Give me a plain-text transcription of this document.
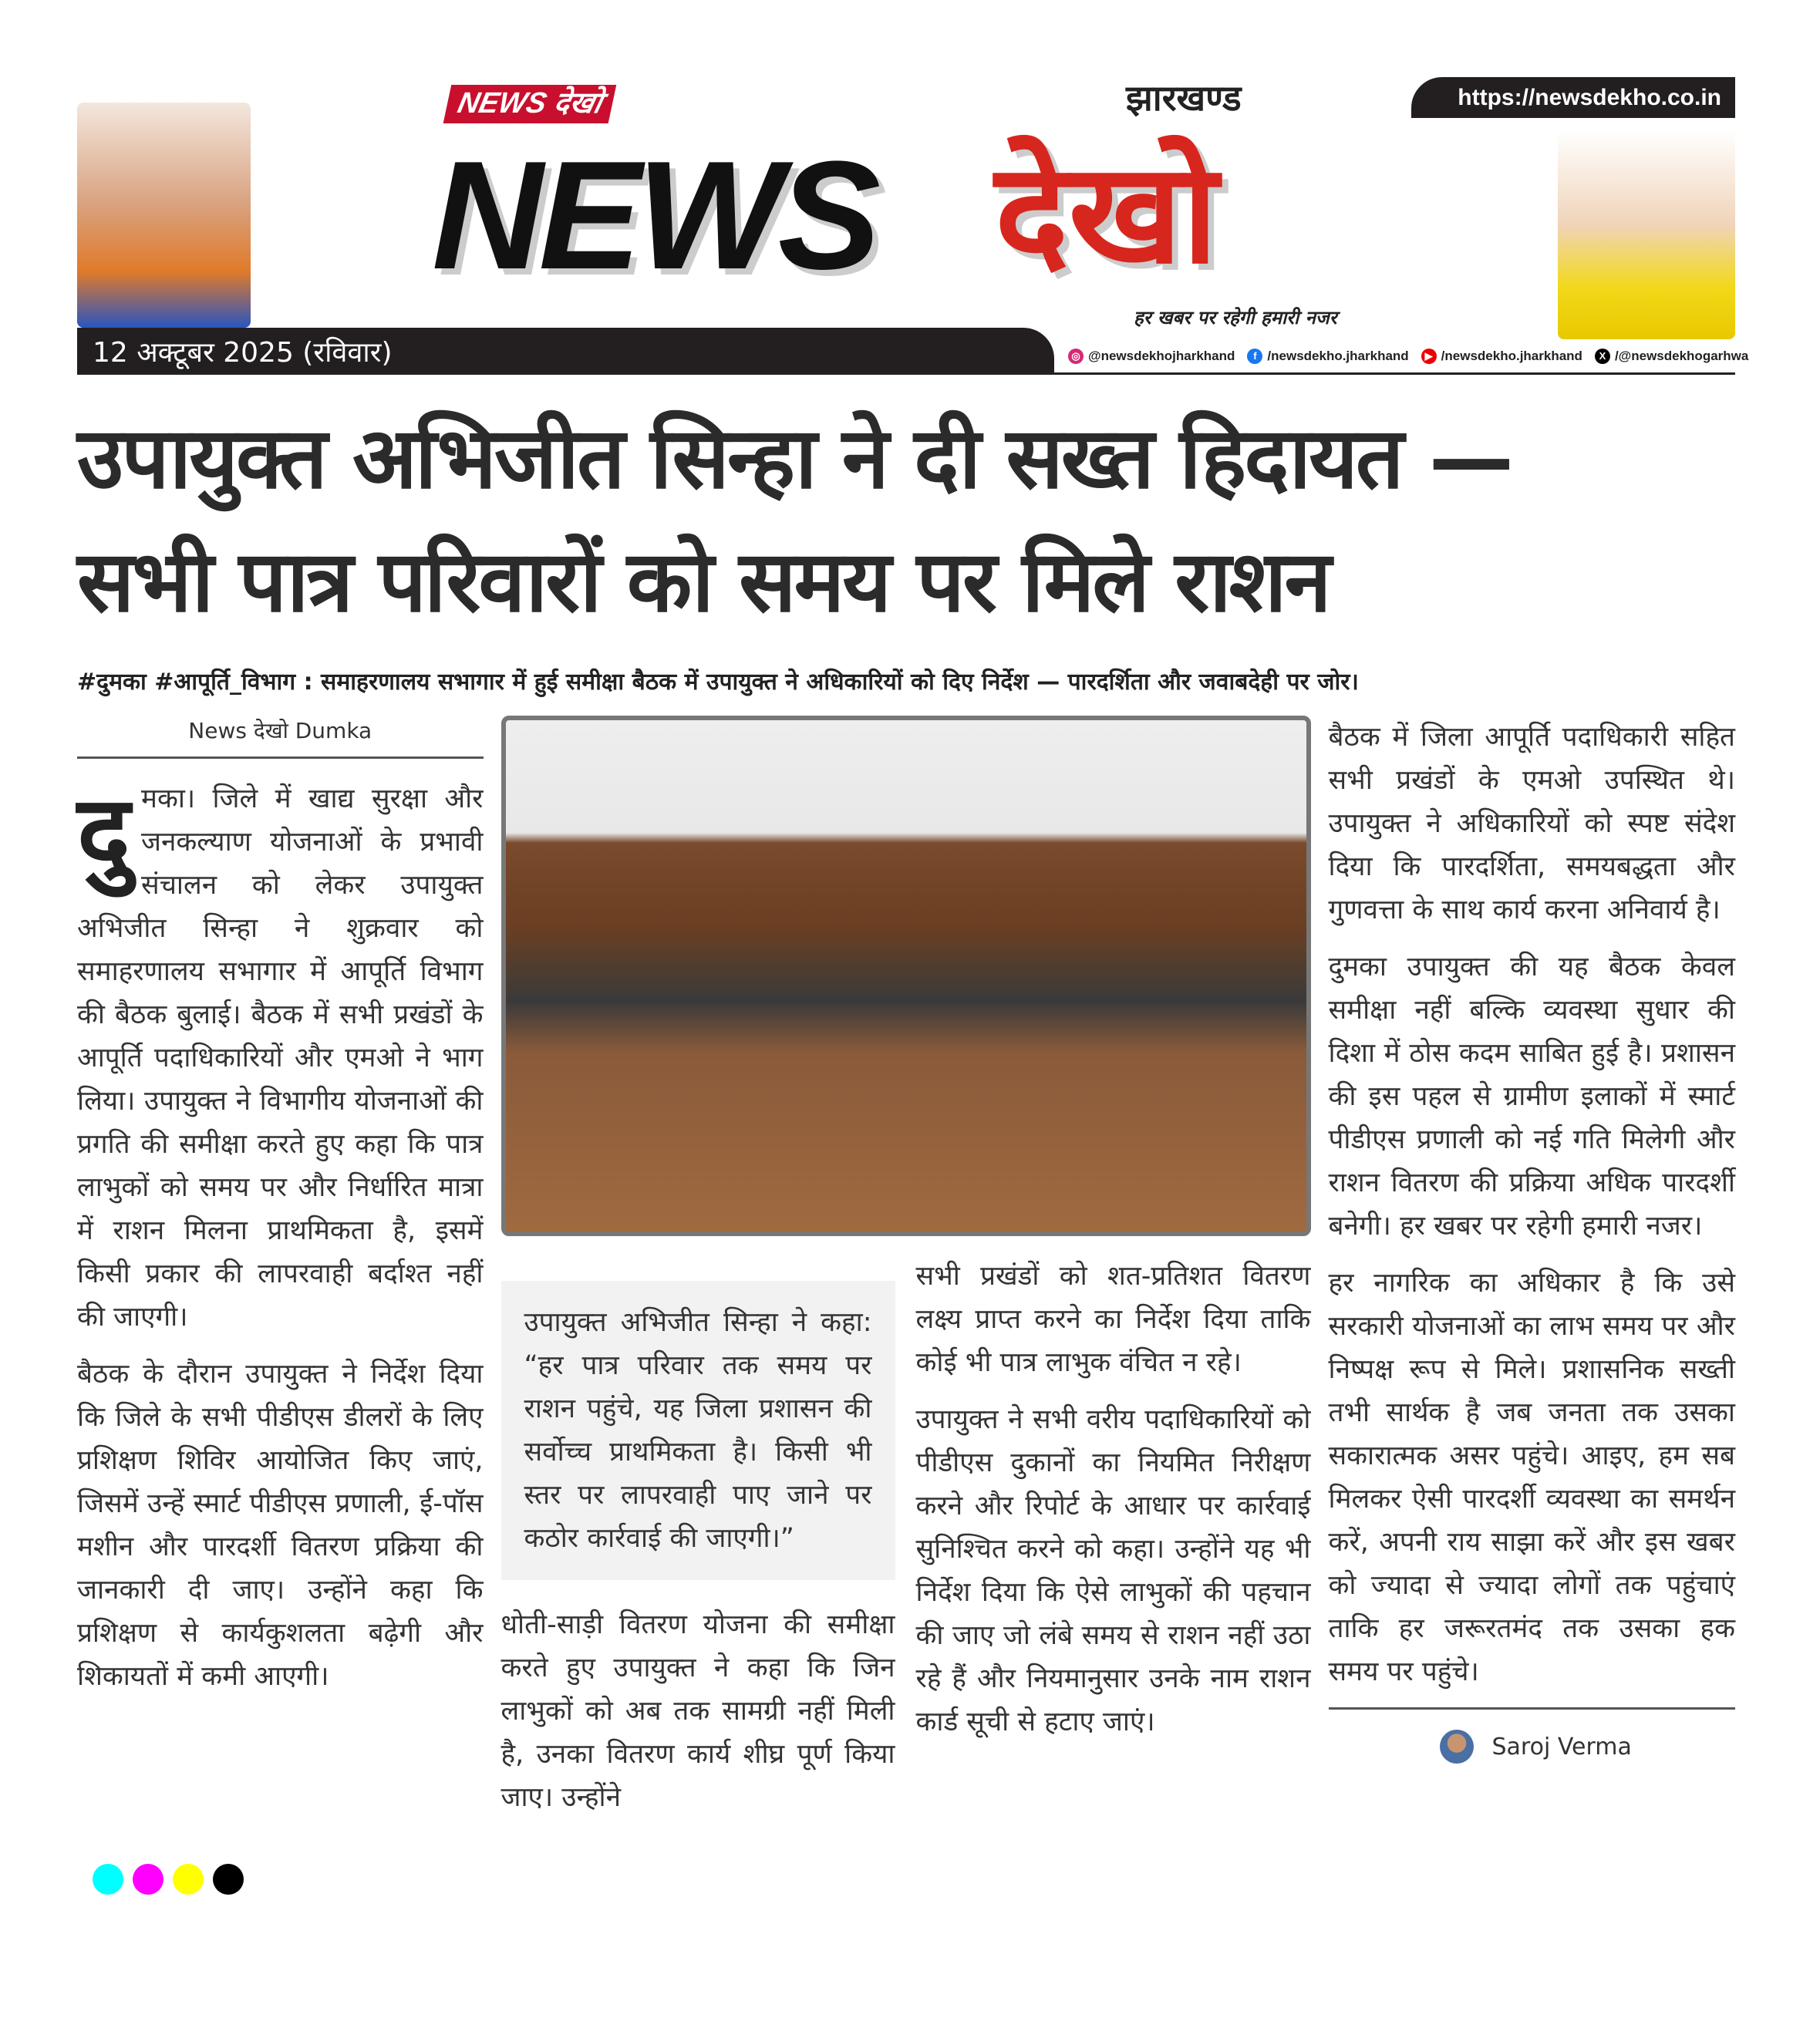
https://newsdekho.co.in
NEWS देखो
NEWS
झारखण्ड
देखो
हर खबर पर रहेगी हमारी नजर
12 अक्टूबर 2025 (रविवार)	◎ @newsdekhojharkhand	f /newsdekho.jharkhand	▶ /newsdekho.jharkhand	X /@newsdekhogarhwa
उपायुक्त अभिजीत सिन्हा ने दी सख्त हिदायत —
सभी पात्र परिवारों को समय पर मिले राशन
#दुमका #आपूर्ति_विभाग : समाहरणालय सभागार में हुई समीक्षा बैठक में उपायुक्त ने अधिकारियों को दिए निर्देश — पारदर्शिता और जवाबदेही पर जोर।
News देखो Dumka

दुमका। जिले में खाद्य सुरक्षा और जनकल्याण योजनाओं के प्रभावी संचालन को लेकर उपायुक्त अभिजीत सिन्हा ने शुक्रवार को समाहरणालय सभागार में आपूर्ति विभाग की बैठक बुलाई। बैठक में सभी प्रखंडों के आपूर्ति पदाधिकारियों और एमओ ने भाग लिया। उपायुक्त ने विभागीय योजनाओं की प्रगति की समीक्षा करते हुए कहा कि पात्र लाभुकों को समय पर और निर्धारित मात्रा में राशन मिलना प्राथमिकता है, इसमें किसी प्रकार की लापरवाही बर्दाश्त नहीं की जाएगी।

बैठक के दौरान उपायुक्त ने निर्देश दिया कि जिले के सभी पीडीएस डीलरों के लिए प्रशिक्षण शिविर आयोजित किए जाएं, जिसमें उन्हें स्मार्ट पीडीएस प्रणाली, ई-पॉस मशीन और पारदर्शी वितरण प्रक्रिया की जानकारी दी जाए। उन्होंने कहा कि प्रशिक्षण से कार्यकुशलता बढ़ेगी और शिकायतों में कमी आएगी।

उपायुक्त अभिजीत सिन्हा ने कहा: “हर पात्र परिवार तक समय पर राशन पहुंचे, यह जिला प्रशासन की सर्वोच्च प्राथमिकता है। किसी भी स्तर पर लापरवाही पाए जाने पर कठोर कार्रवाई की जाएगी।”

धोती-साड़ी वितरण योजना की समीक्षा करते हुए उपायुक्त ने कहा कि जिन लाभुकों को अब तक सामग्री नहीं मिली है, उनका वितरण कार्य शीघ्र पूर्ण किया जाए। उन्होंने

सभी प्रखंडों को शत-प्रतिशत वितरण लक्ष्य प्राप्त करने का निर्देश दिया ताकि कोई भी पात्र लाभुक वंचित न रहे।

उपायुक्त ने सभी वरीय पदाधिकारियों को पीडीएस दुकानों का नियमित निरीक्षण करने और रिपोर्ट के आधार पर कार्रवाई सुनिश्चित करने को कहा। उन्होंने यह भी निर्देश दिया कि ऐसे लाभुकों की पहचान की जाए जो लंबे समय से राशन नहीं उठा रहे हैं और नियमानुसार उनके नाम राशन कार्ड सूची से हटाए जाएं।

बैठक में जिला आपूर्ति पदाधिकारी सहित सभी प्रखंडों के एमओ उपस्थित थे। उपायुक्त ने अधिकारियों को स्पष्ट संदेश दिया कि पारदर्शिता, समयबद्धता और गुणवत्ता के साथ कार्य करना अनिवार्य है।

दुमका उपायुक्त की यह बैठक केवल समीक्षा नहीं बल्कि व्यवस्था सुधार की दिशा में ठोस कदम साबित हुई है। प्रशासन की इस पहल से ग्रामीण इलाकों में स्मार्ट पीडीएस प्रणाली को नई गति मिलेगी और राशन वितरण की प्रक्रिया अधिक पारदर्शी बनेगी। हर खबर पर रहेगी हमारी नजर।

हर नागरिक का अधिकार है कि उसे सरकारी योजनाओं का लाभ समय पर और निष्पक्ष रूप से मिले। प्रशासनिक सख्ती तभी सार्थक है जब जनता तक उसका सकारात्मक असर पहुंचे। आइए, हम सब मिलकर ऐसी पारदर्शी व्यवस्था का समर्थन करें, अपनी राय साझा करें और इस खबर को ज्यादा से ज्यादा लोगों तक पहुंचाएं ताकि हर जरूरतमंद तक उसका हक समय पर पहुंचे।

Saroj Verma
